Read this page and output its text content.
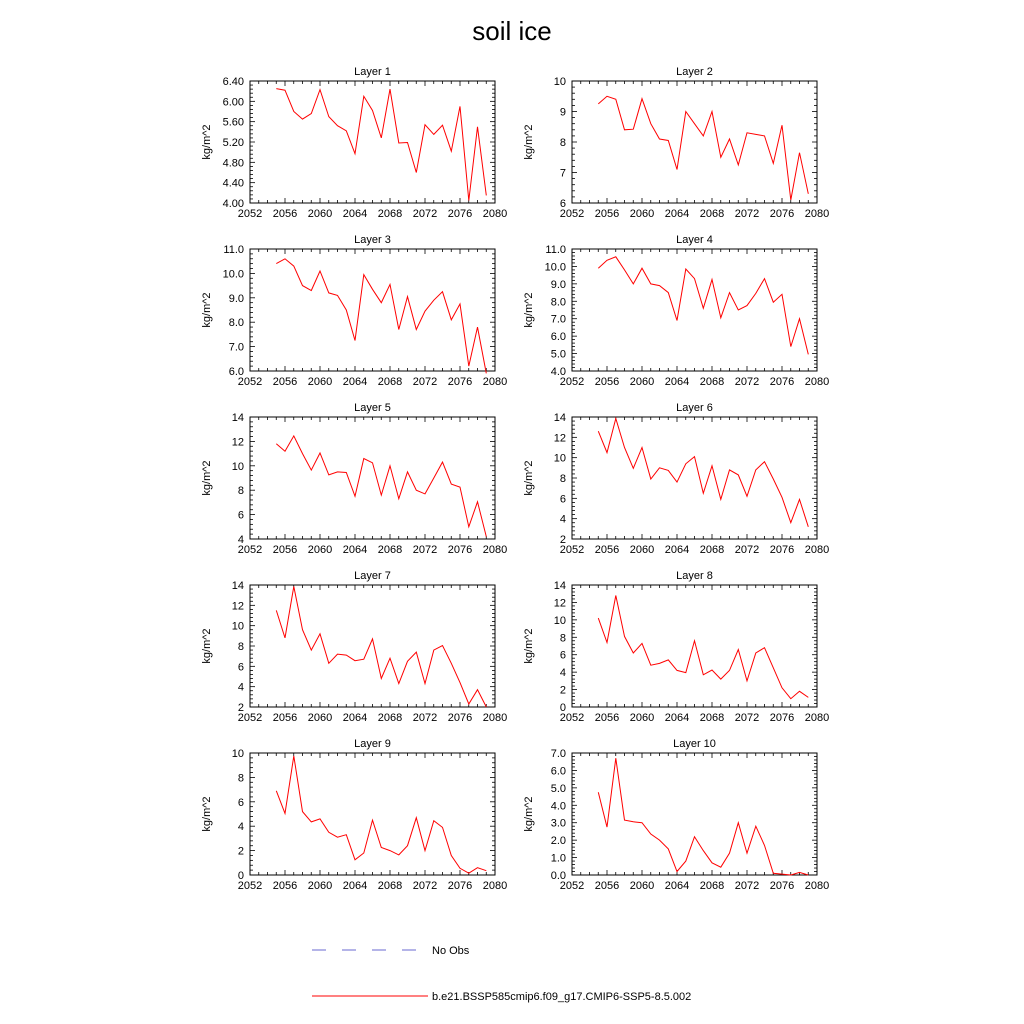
soil ice
Layer 1
kg/m^2
2052 2056 2060 2064 2068 2072 2076 2080
4.00
4.40
4.80
5.20
5.60
6.00
6.40
Layer 2
kg/m^2
2052 2056 2060 2064 2068 2072 2076 2080
6
7
8
9
10
Layer 3
kg/m^2
2052 2056 2060 2064 2068 2072 2076 2080
6.0
7.0
8.0
9.0
10.0
11.0
Layer 4
kg/m^2
2052 2056 2060 2064 2068 2072 2076 2080
4.0
5.0
6.0
7.0
8.0
9.0
10.0
11.0
Layer 5
kg/m^2
2052 2056 2060 2064 2068 2072 2076 2080
4
6
8
10
12
14
Layer 6
kg/m^2
2052 2056 2060 2064 2068 2072 2076 2080
2
4
6
8
10
12
14
Layer 7
kg/m^2
2052 2056 2060 2064 2068 2072 2076 2080
2
4
6
8
10
12
14
Layer 8
kg/m^2
2052 2056 2060 2064 2068 2072 2076 2080
0
2
4
6
8
10
12
14
Layer 9
kg/m^2
2052 2056 2060 2064 2068 2072 2076 2080
0
2
4
6
8
10
Layer 10
kg/m^2
2052 2056 2060 2064 2068 2072 2076 2080
0.0
1.0
2.0
3.0
4.0
5.0
6.0
7.0
No Obs
b.e21.BSSP585cmip6.f09_g17.CMIP6-SSP5-8.5.002
